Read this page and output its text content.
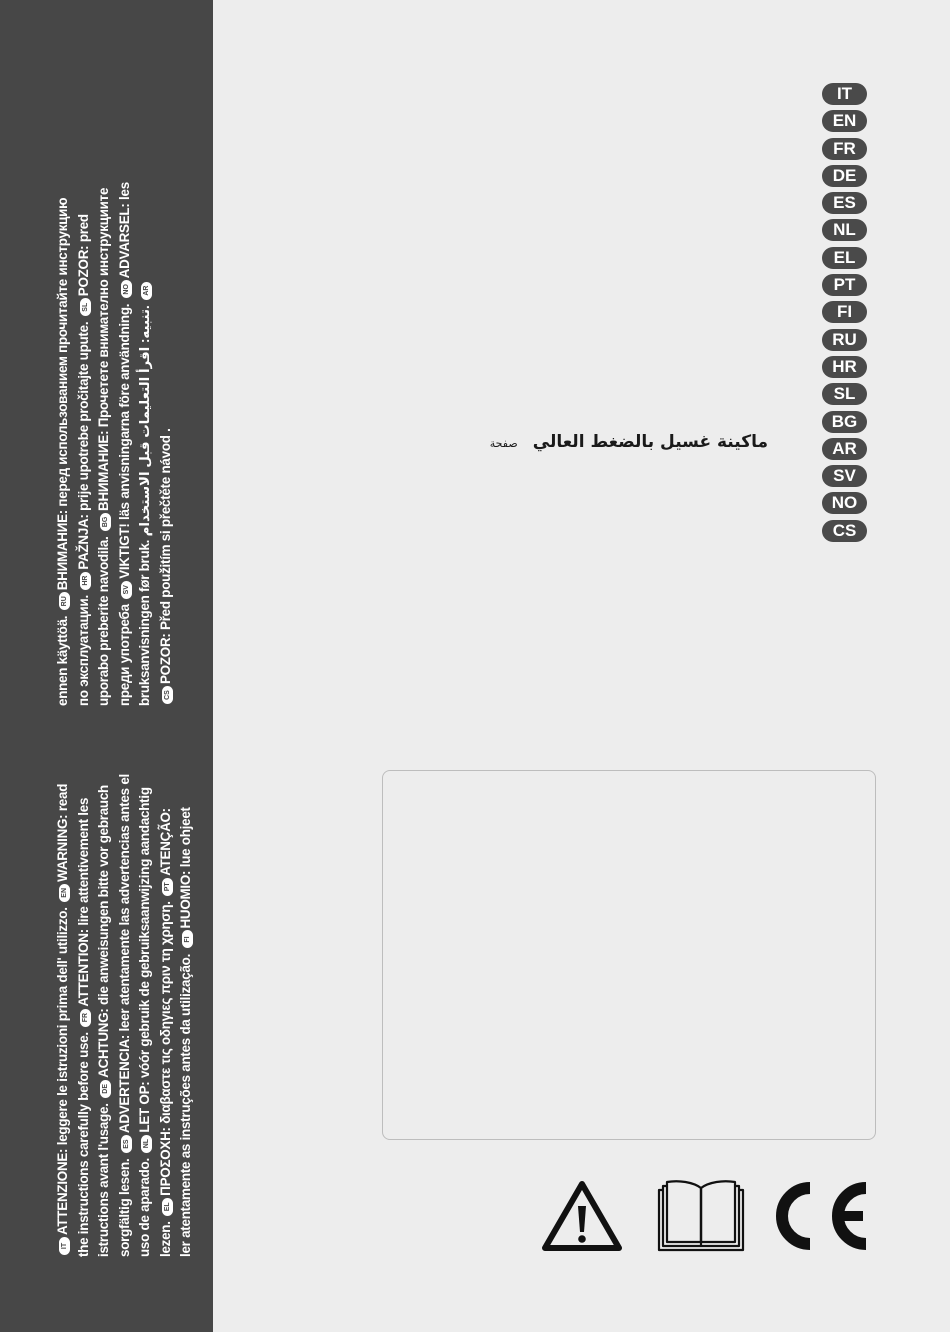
ITATTENZIONE: leggere le istruzioni prima dell' utilizzo. ENWARNING: read
the instructions carefully before use. FRATTENTION: lire attentivement les
istructions avant l'usage. DEACHTUNG: die anweisungen bitte vor gebrauch
sorgfältig lesen. ESADVERTENCIA: leer atentamente las advertencias antes el
uso de aparado. NLLET OP: vóór gebruik de gebruiksaanwijzing aandachtig
lezen. ELΠΡΟΣΟΧΗ: διαβαστε τις οδηγιες πριν τη χρηση. PTATENÇÃO:
ler atentamente as instruções antes da utilização. FIHUOMIO: lue ohjeet
ennen käyttöä. RUВНИМАНИЕ: перед использованием прочитайте инструкцию
по эксплуатации. HRPAŽNJA: prije upotrebe pročitajte upute. SLPOZOR: pred
uporabo preberite navodila. BGВНИМАНИЕ: Прочетете внимателно инструкциите
преди употреба SVVIKTIGT! läs anvisningarna före användning. NOADVARSEL: les
bruksanvisningen før bruk. تنبيه: اقرأ التعليمات قبل الاستخدام. AR
CSPOZOR: Před použitím si přečtěte návod .
IT
EN
FR
DE
ES
NL
EL
PT
FI
RU
HR
SL
BG
AR
SV
NO
CS
ماكينة غسيل بالضغط العالي صفحة
